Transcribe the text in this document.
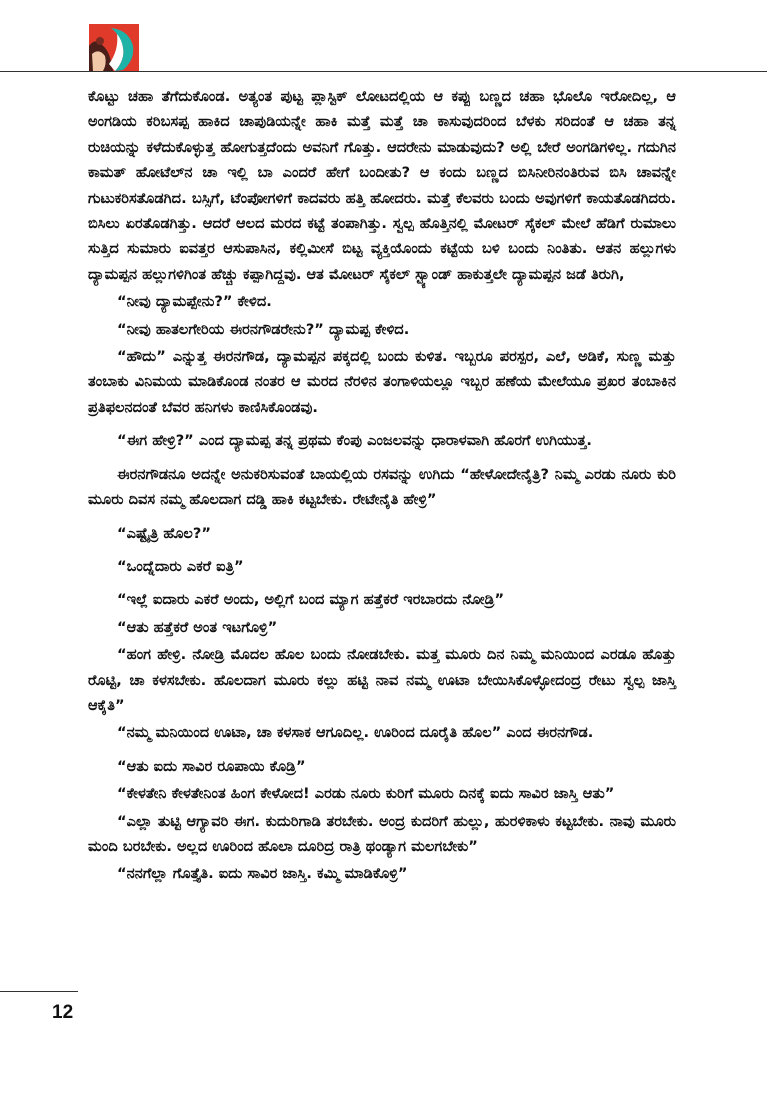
ಕೊಟ್ಟು ಚಹಾ ತೆಗೆದುಕೊಂಡ. ಅತ್ಯಂತ ಪುಟ್ಟ ಪ್ಲಾಸ್ಟಿಕ್ ಲೋಟದಲ್ಲಿಯ ಆ ಕಪ್ಪು ಬಣ್ಣದ ಚಹಾ ಭೊಲೊ ಇರೋದಿಲ್ಲ, ಆ ಅಂಗಡಿಯ ಕರಿಬಸಪ್ಪ ಹಾಕಿದ ಚಾಪುಡಿಯನ್ನೇ ಹಾಕಿ ಮತ್ತೆ ಮತ್ತೆ ಚಾ ಕಾಸುವುದರಿಂದ ಬೆಳಕು ಸರಿದಂತೆ ಆ ಚಹಾ ತನ್ನ ರುಚಿಯನ್ನು ಕಳೆದುಕೊಳ್ಳುತ್ತ ಹೋಗುತ್ತದೆಂದು ಅವನಿಗೆ ಗೊತ್ತು. ಆದರೇನು ಮಾಡುವುದು? ಅಲ್ಲಿ ಬೇರೆ ಅಂಗಡಿಗಳಿಲ್ಲ. ಗದುಗಿನ ಕಾಮತ್ ಹೋಟೆಲ್‌ನ ಚಾ ಇಲ್ಲಿ ಬಾ ಎಂದರೆ ಹೇಗೆ ಬಂದೀತು? ಆ ಕಂದು ಬಣ್ಣದ ಬಿಸಿನೀರಿನಂತಿರುವ ಬಿಸಿ ಚಾವನ್ನೇ ಗುಟುಕರಿಸತೊಡಗಿದ. ಬಸ್ಸಿಗೆ, ಟೆಂಪೋಗಳಿಗೆ ಕಾದವರು ಹತ್ತಿ ಹೋದರು. ಮತ್ತೆ ಕೆಲವರು ಬಂದು ಅವುಗಳಿಗೆ ಕಾಯತೊಡಗಿದರು. ಬಿಸಿಲು ಏರತೊಡಗಿತ್ತು. ಆದರೆ ಆಲದ ಮರದ ಕಟ್ಟೆ ತಂಪಾಗಿತ್ತು. ಸ್ವಲ್ಪ ಹೊತ್ತಿನಲ್ಲಿ ಮೋಟರ್ ಸೈಕಲ್ ಮೇಲೆ ಹೆಡಿಗೆ ರುಮಾಲು ಸುತ್ತಿದ ಸುಮಾರು ಐವತ್ತರ ಆಸುಪಾಸಿನ, ಕಲ್ಲಿಮೀಸೆ ಬಿಟ್ಟ ವ್ಯಕ್ತಿಯೊಂದು ಕಟ್ಟೆಯ ಬಳಿ ಬಂದು ನಿಂತಿತು. ಆತನ ಹಲ್ಲುಗಳು ದ್ಯಾಮಪ್ಪನ ಹಲ್ಲುಗಳಿಗಿಂತ ಹೆಚ್ಚು ಕಪ್ಪಾಗಿದ್ದವು. ಆತ ಮೋಟರ್ ಸೈಕಲ್ ಸ್ಟ್ಯಾಂಡ್ ಹಾಕುತ್ತಲೇ ದ್ಯಾಮಪ್ಪನ ಜಡೆ ತಿರುಗಿ,

“ನೀವು ದ್ಯಾಮಪ್ಪೇನು?” ಕೇಳಿದ.

“ನೀವು ಹಾತಲಗೇರಿಯ ಈರನಗೌಡರೇನು?” ದ್ಯಾಮಪ್ಪ ಕೇಳಿದ.

“ಹೌದು” ಎನ್ನುತ್ತ ಈರನಗೌಡ, ದ್ಯಾಮಪ್ಪನ ಪಕ್ಕದಲ್ಲಿ ಬಂದು ಕುಳಿತ. ಇಬ್ಬರೂ ಪರಸ್ಪರ, ಎಲೆ, ಅಡಿಕೆ, ಸುಣ್ಣ ಮತ್ತು ತಂಬಾಕು ವಿನಿಮಯ ಮಾಡಿಕೊಂಡ ನಂತರ ಆ ಮರದ ನೆರಳಿನ ತಂಗಾಳಿಯಲ್ಲೂ ಇಬ್ಬರ ಹಣೆಯ ಮೇಲೆಯೂ ಪ್ರಖರ ತಂಬಾಕಿನ ಪ್ರತಿಫಲನದಂತೆ ಬೆವರ ಹನಿಗಳು ಕಾಣಿಸಿಕೊಂಡವು.

“ಈಗ ಹೇಳ್ರಿ?” ಎಂದ ದ್ಯಾಮಪ್ಪ ತನ್ನ ಪ್ರಥಮ ಕೆಂಪು ಎಂಜಲವನ್ನು ಧಾರಾಳವಾಗಿ ಹೊರಗೆ ಉಗಿಯುತ್ತ.

ಈರನಗೌಡನೂ ಅದನ್ನೇ ಅನುಕರಿಸುವಂತೆ ಬಾಯಲ್ಲಿಯ ರಸವನ್ನು ಉಗಿದು “ಹೇಳೋದೇನೈತ್ರಿ? ನಿಮ್ಮ ಎರಡು ನೂರು ಕುರಿ ಮೂರು ದಿವಸ ನಮ್ಮ ಹೊಲದಾಗ ದಡ್ಡಿ ಹಾಕಿ ಕಟ್ಟಬೇಕು. ರೇಟೇನೈತಿ ಹೇಳ್ರಿ”

“ಎಷ್ಟೈತ್ರಿ ಹೊಲ?”

“ಒಂದ್ನೆದಾರು ಎಕರೆ ಐತ್ರಿ”

“ಇಲ್ಲೆ ಐದಾರು ಎಕರೆ ಅಂದು, ಅಲ್ಲಿಗೆ ಬಂದ ಮ್ಯಾಗ ಹತ್ತೆಕರೆ ಇರಬಾರದು ನೋಡ್ರಿ”

“ಆತು ಹತ್ತೆಕರೆ ಅಂತ ಇಟಗೊಳ್ರಿ”

“ಹಂಗ ಹೇಳ್ರಿ. ನೋಡ್ರಿ ಮೊದಲ ಹೊಲ ಬಂದು ನೋಡಬೇಕು. ಮತ್ತ ಮೂರು ದಿನ ನಿಮ್ಮ ಮನಿಯಿಂದ ಎರಡೂ ಹೊತ್ತು ರೊಟ್ಟಿ, ಚಾ ಕಳಸಬೇಕು. ಹೊಲದಾಗ ಮೂರು ಕಲ್ಲು ಹಟ್ಟಿ ನಾವ ನಮ್ಮ ಊಟಾ ಬೇಯಿಸಿಕೊಳ್ಳೋದಂದ್ರ ರೇಟು ಸ್ವಲ್ಪ ಜಾಸ್ತಿ ಆಕೈತಿ”

“ನಮ್ಮ ಮನಿಯಿಂದ ಊಟಾ, ಚಾ ಕಳಸಾಕ ಆಗೂದಿಲ್ಲ. ಊರಿಂದ ದೂರೈತಿ ಹೊಲ” ಎಂದ ಈರನಗೌಡ.

“ಆತು ಐದು ಸಾವಿರ ರೂಪಾಯಿ ಕೊಡ್ರಿ”

“ಕೇಳತೇನಿ ಕೇಳತೇನಿಂತ ಹಿಂಗ ಕೇಳೋದ! ಎರಡು ನೂರು ಕುರಿಗೆ ಮೂರು ದಿನಕ್ಕೆ ಐದು ಸಾವಿರ ಜಾಸ್ತಿ ಆತು”

“ಎಲ್ಲಾ ತುಟ್ಟಿ ಆಗ್ಯಾವರಿ ಈಗ. ಕುದುರಿಗಾಡಿ ತರಬೇಕು. ಅಂದ್ರ ಕುದರಿಗೆ ಹುಲ್ಲು, ಹುರಳಿಕಾಳು ಕಟ್ಟಬೇಕು. ನಾವು ಮೂರು ಮಂದಿ ಬರಬೇಕು. ಅಲ್ಲದ ಊರಿಂದ ಹೊಲಾ ದೂರಿದ್ರ ರಾತ್ರಿ ಥಂಡ್ಯಾಗ ಮಲಗಬೇಕು”

“ನನಗೆಲ್ಲಾ ಗೊತ್ತೈತಿ. ಐದು ಸಾವಿರ ಜಾಸ್ತಿ. ಕಮ್ಮಿ ಮಾಡಿಕೊಳ್ರಿ”

12
